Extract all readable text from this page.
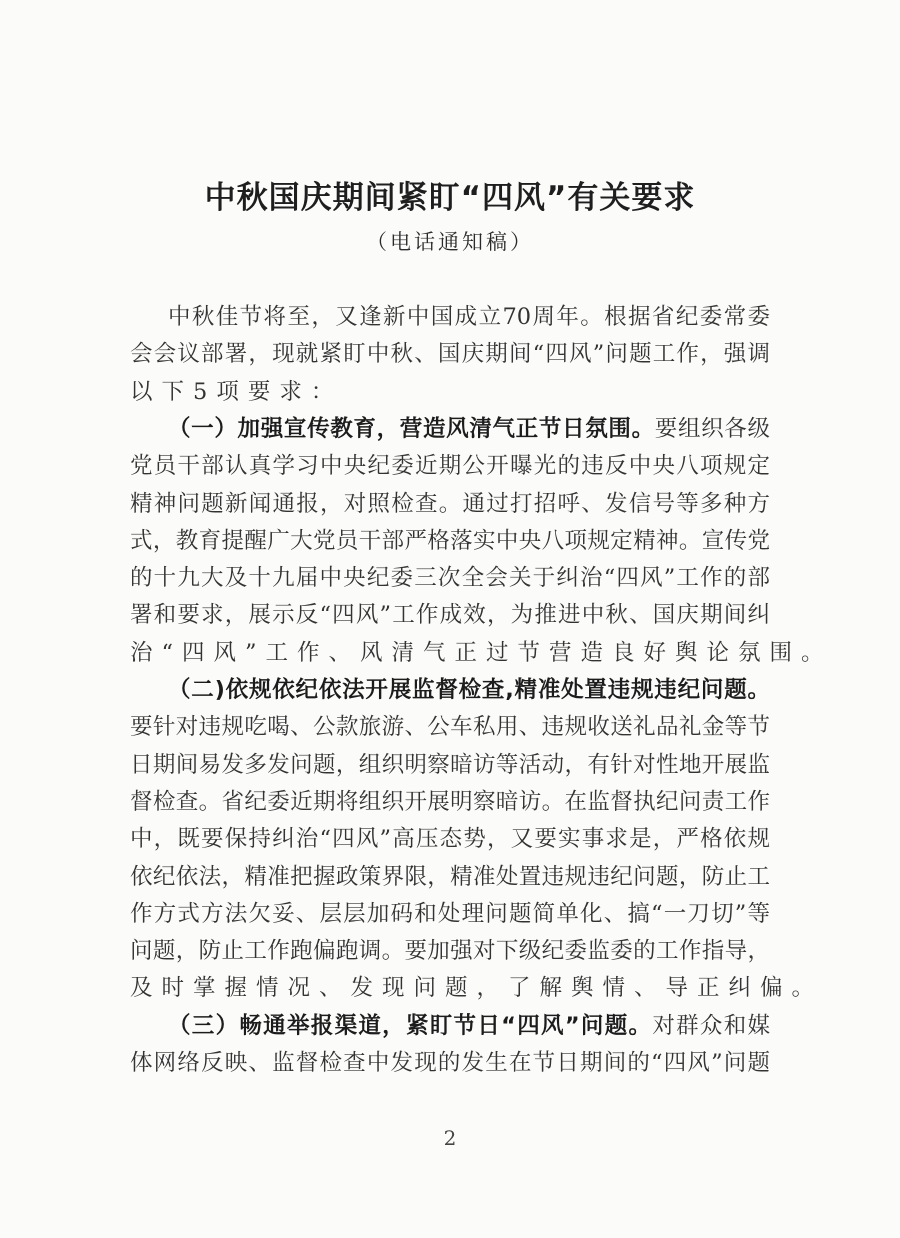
中秋国庆期间紧盯“四风”有关要求
（电话通知稿）
中秋佳节将至，又逢新中国成立70周年。根据省纪委常委
会会议部署，现就紧盯中秋、国庆期间“四风”问题工作，强调
以下5项要求：
（一）加强宣传教育，营造风清气正节日氛围。要组织各级
党员干部认真学习中央纪委近期公开曝光的违反中央八项规定
精神问题新闻通报，对照检查。通过打招呼、发信号等多种方
式，教育提醒广大党员干部严格落实中央八项规定精神。宣传党
的十九大及十九届中央纪委三次全会关于纠治“四风”工作的部
署和要求，展示反“四风”工作成效，为推进中秋、国庆期间纠
治“四风”工作、风清气正过节营造良好舆论氛围。
（二)依规依纪依法开展监督检查,精准处置违规违纪问题。
要针对违规吃喝、公款旅游、公车私用、违规收送礼品礼金等节
日期间易发多发问题，组织明察暗访等活动，有针对性地开展监
督检查。省纪委近期将组织开展明察暗访。在监督执纪问责工作
中，既要保持纠治“四风”高压态势，又要实事求是，严格依规
依纪依法，精准把握政策界限，精准处置违规违纪问题，防止工
作方式方法欠妥、层层加码和处理问题简单化、搞“一刀切”等
问题，防止工作跑偏跑调。要加强对下级纪委监委的工作指导，
及时掌握情况、发现问题，了解舆情、导正纠偏。
（三）畅通举报渠道，紧盯节日“四风”问题。对群众和媒
体网络反映、监督检查中发现的发生在节日期间的“四风”问题
2
